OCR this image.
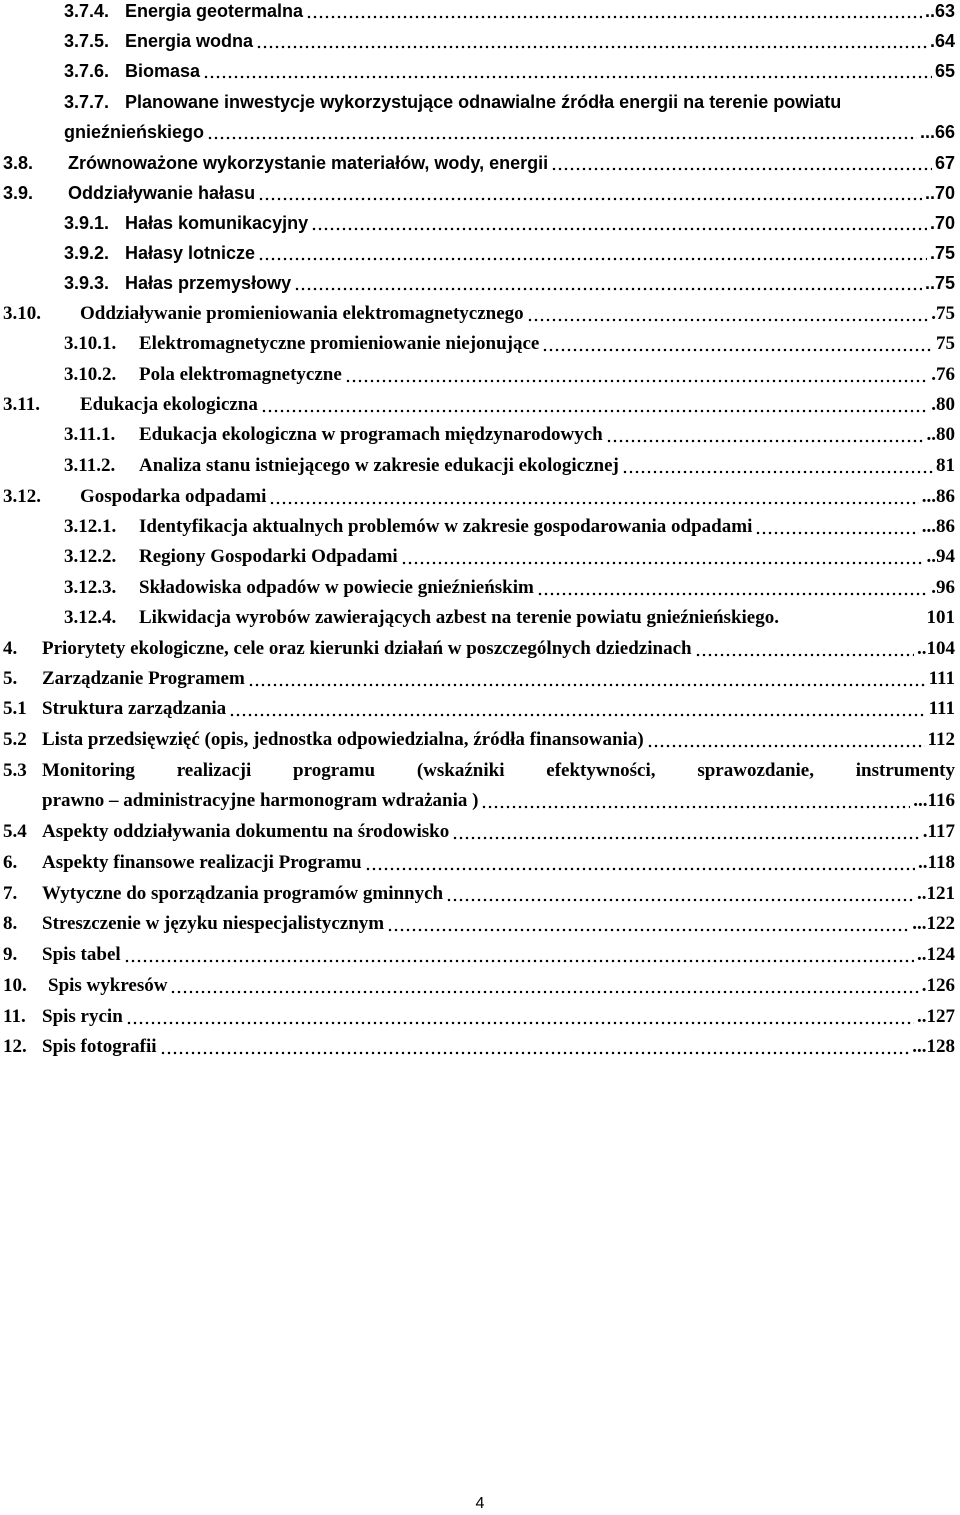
3.7.4. Energia geotermalna	..63
3.7.5. Energia wodna	.64
3.7.6. Biomasa	65
3.7.7. Planowane inwestycje wykorzystujące odnawialne źródła energii na terenie powiatu
gnieźnieńskiego	...66
3.8. Zrównoważone wykorzystanie materiałów, wody, energii	67
3.9. Oddziaływanie hałasu	..70
3.9.1. Hałas komunikacyjny	.70
3.9.2. Hałasy lotnicze	.75
3.9.3. Hałas przemysłowy	..75
3.10. Oddziaływanie promieniowania elektromagnetycznego	.75
3.10.1. Elektromagnetyczne promieniowanie niejonujące	75
3.10.2. Pola elektromagnetyczne	.76
3.11. Edukacja ekologiczna	.80
3.11.1. Edukacja ekologiczna w programach międzynarodowych	..80
3.11.2. Analiza stanu istniejącego w zakresie edukacji ekologicznej	81
3.12. Gospodarka odpadami	...86
3.12.1. Identyfikacja aktualnych problemów w zakresie gospodarowania odpadami	...86
3.12.2. Regiony Gospodarki Odpadami	..94
3.12.3. Składowiska odpadów w powiecie gnieźnieńskim	.96
3.12.4. Likwidacja wyrobów zawierających azbest na terenie powiatu gnieźnieńskiego.	101
4. Priorytety ekologiczne, cele oraz kierunki działań w poszczególnych dziedzinach	..104
5. Zarządzanie Programem	111
5.1 Struktura zarządzania	111
5.2 Lista przedsięwzięć (opis, jednostka odpowiedzialna, źródła finansowania)	112
5.3 Monitoring realizacji programu (wskaźniki efektywności, sprawozdanie, instrumenty
prawno – administracyjne harmonogram wdrażania )	...116
5.4 Aspekty oddziaływania dokumentu na środowisko	.117
6. Aspekty finansowe realizacji Programu	..118
7. Wytyczne do sporządzania programów gminnych	..121
8. Streszczenie w języku niespecjalistycznym	...122
9. Spis tabel	..124
10. Spis wykresów	.126
11. Spis rycin	..127
12. Spis fotografii	...128
4
